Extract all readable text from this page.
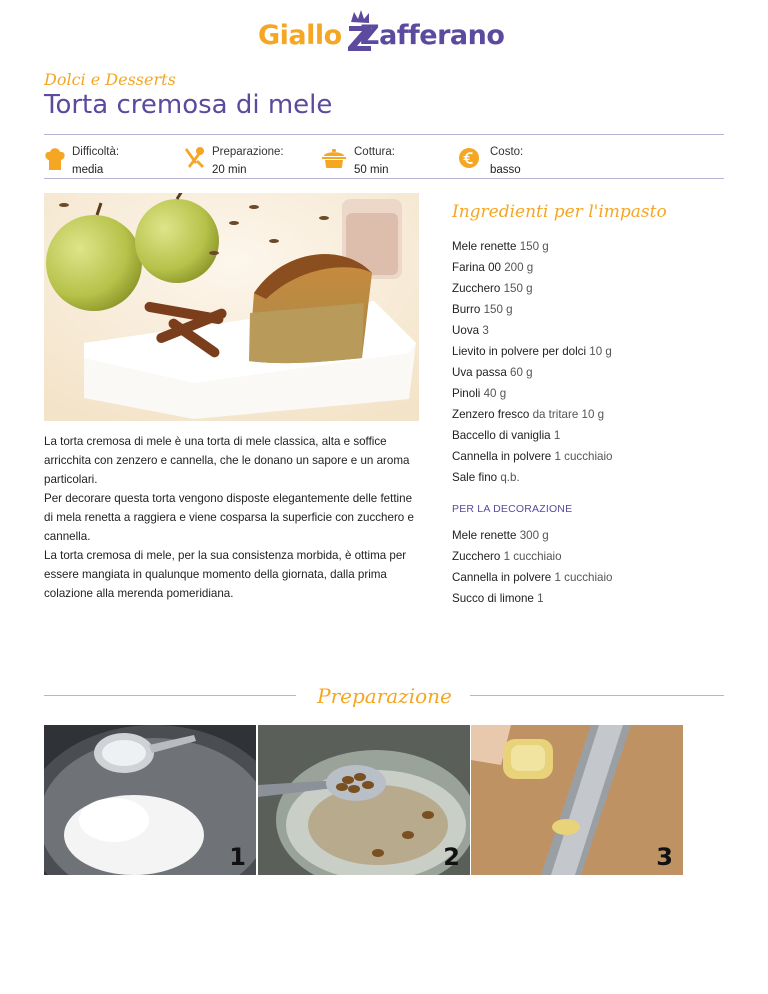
Giallo Zafferano
Dolci e Desserts
Torta cremosa di mele
Difficoltà:
media
Preparazione:
20 min
Cottura:
50 min
Costo:
basso

La torta cremosa di mele è una torta di mele classica, alta e soffice arricchita con zenzero e cannella, che le donano un sapore e un aroma particolari.

Per decorare questa torta vengono disposte elegantemente delle fettine di mela renetta a raggiera e viene cosparsa la superficie con zucchero e cannella.

La torta cremosa di mele, per la sua consistenza morbida, è ottima per essere mangiata in qualunque momento della giornata, dalla prima colazione alla merenda pomeridiana.

Ingredienti per l'impasto
Mele renette 150 g
Farina 00 200 g
Zucchero 150 g
Burro 150 g
Uova 3
Lievito in polvere per dolci 10 g
Uva passa 60 g
Pinoli 40 g
Zenzero fresco da tritare 10 g
Baccello di vaniglia 1
Cannella in polvere 1 cucchiaio
Sale fino q.b.
PER LA DECORAZIONE
Mele renette 300 g
Zucchero 1 cucchiaio
Cannella in polvere 1 cucchiaio
Succo di limone 1
Preparazione
1	2	3
